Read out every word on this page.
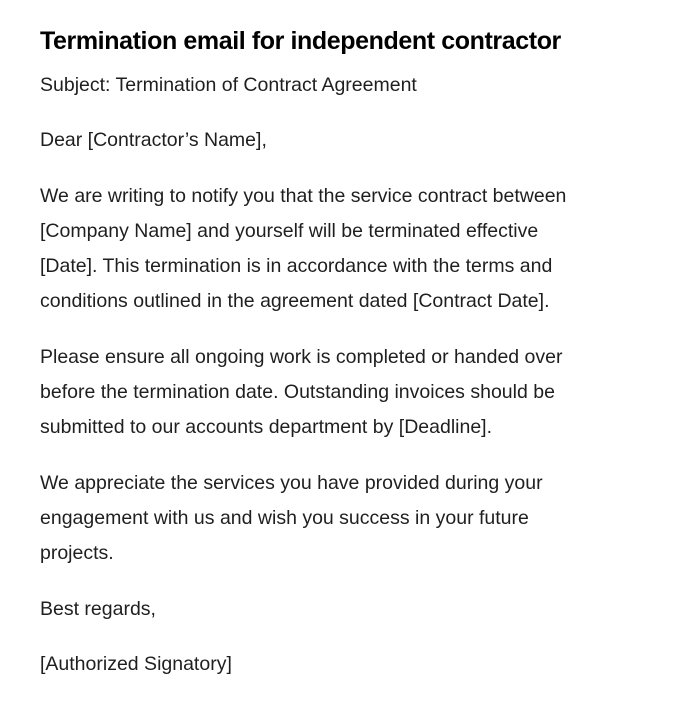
Termination email for independent contractor

Subject: Termination of Contract Agreement

Dear [Contractor’s Name],

We are writing to notify you that the service contract between
[Company Name] and yourself will be terminated effective
[Date]. This termination is in accordance with the terms and
conditions outlined in the agreement dated [Contract Date].

Please ensure all ongoing work is completed or handed over
before the termination date. Outstanding invoices should be
submitted to our accounts department by [Deadline].

We appreciate the services you have provided during your
engagement with us and wish you success in your future
projects.

Best regards,

[Authorized Signatory]
